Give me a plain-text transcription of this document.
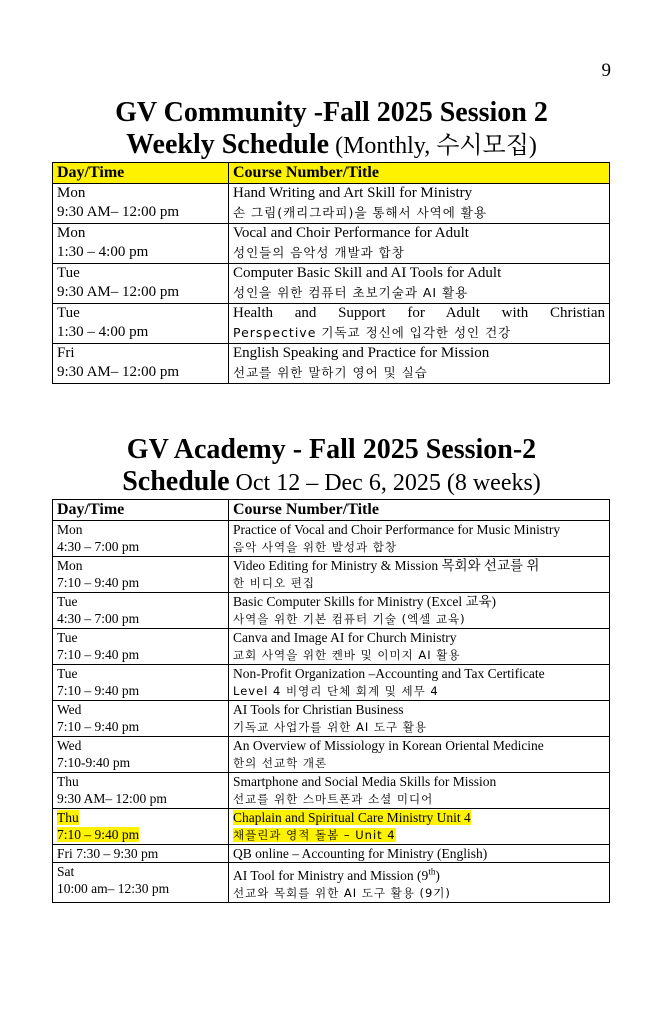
9
GV Community -Fall 2025 Session 2
Weekly Schedule (Monthly, 수시모집)
Day/Time	Course Number/Title
Mon
9:30 AM– 12:00 pm	Hand Writing and Art Skill for Ministry
손 그림(캐리그라피)을 통해서 사역에 활용
Mon
1:30 – 4:00 pm	Vocal and Choir Performance for Adult
성인들의 음악성 개발과 합창
Tue
9:30 AM– 12:00 pm	Computer Basic Skill and AI Tools for Adult
성인을 위한 컴퓨터 초보기술과 AI 활용
Tue
1:30 – 4:00 pm	Health and Support for Adult with Christian
Perspective 기독교 정신에 입각한 성인 건강
Fri
9:30 AM– 12:00 pm	English Speaking and Practice for Mission
선교를 위한 말하기 영어 및 실습
GV Academy - Fall 2025 Session-2
Schedule Oct 12 – Dec 6, 2025 (8 weeks)
Day/Time	Course Number/Title
Mon
4:30 – 7:00 pm	Practice of Vocal and Choir Performance for Music Ministry
음악 사역을 위한 발성과 합창
Mon
7:10 – 9:40 pm	Video Editing for Ministry & Mission 목회와 선교를 위
한 비디오 편집
Tue
4:30 – 7:00 pm	Basic Computer Skills for Ministry (Excel 교육)
사역을 위한 기본 컴퓨터 기술 (엑셀 교육)
Tue
7:10 – 9:40 pm	Canva and Image AI for Church Ministry
교회 사역을 위한 켄바 및 이미지 AI 활용
Tue
7:10 – 9:40 pm	Non-Profit Organization –Accounting and Tax Certificate
Level 4 비영리 단체 회계 및 세무 4
Wed
7:10 – 9:40 pm	AI Tools for Christian Business
기독교 사업가를 위한 AI 도구 활용
Wed
7:10-9:40 pm	An Overview of Missiology in Korean Oriental Medicine
한의 선교학 개론
Thu
9:30 AM– 12:00 pm	Smartphone and Social Media Skills for Mission
선교를 위한 스마트폰과 소셜 미디어
Thu
7:10 – 9:40 pm	Chaplain and Spiritual Care Ministry Unit 4
채플린과 영적 돌봄 – Unit 4
Fri 7:30 – 9:30 pm	QB online – Accounting for Ministry (English)
Sat
10:00 am– 12:30 pm	AI Tool for Ministry and Mission (9th)
선교와 목회를 위한 AI 도구 활용 (9기)
